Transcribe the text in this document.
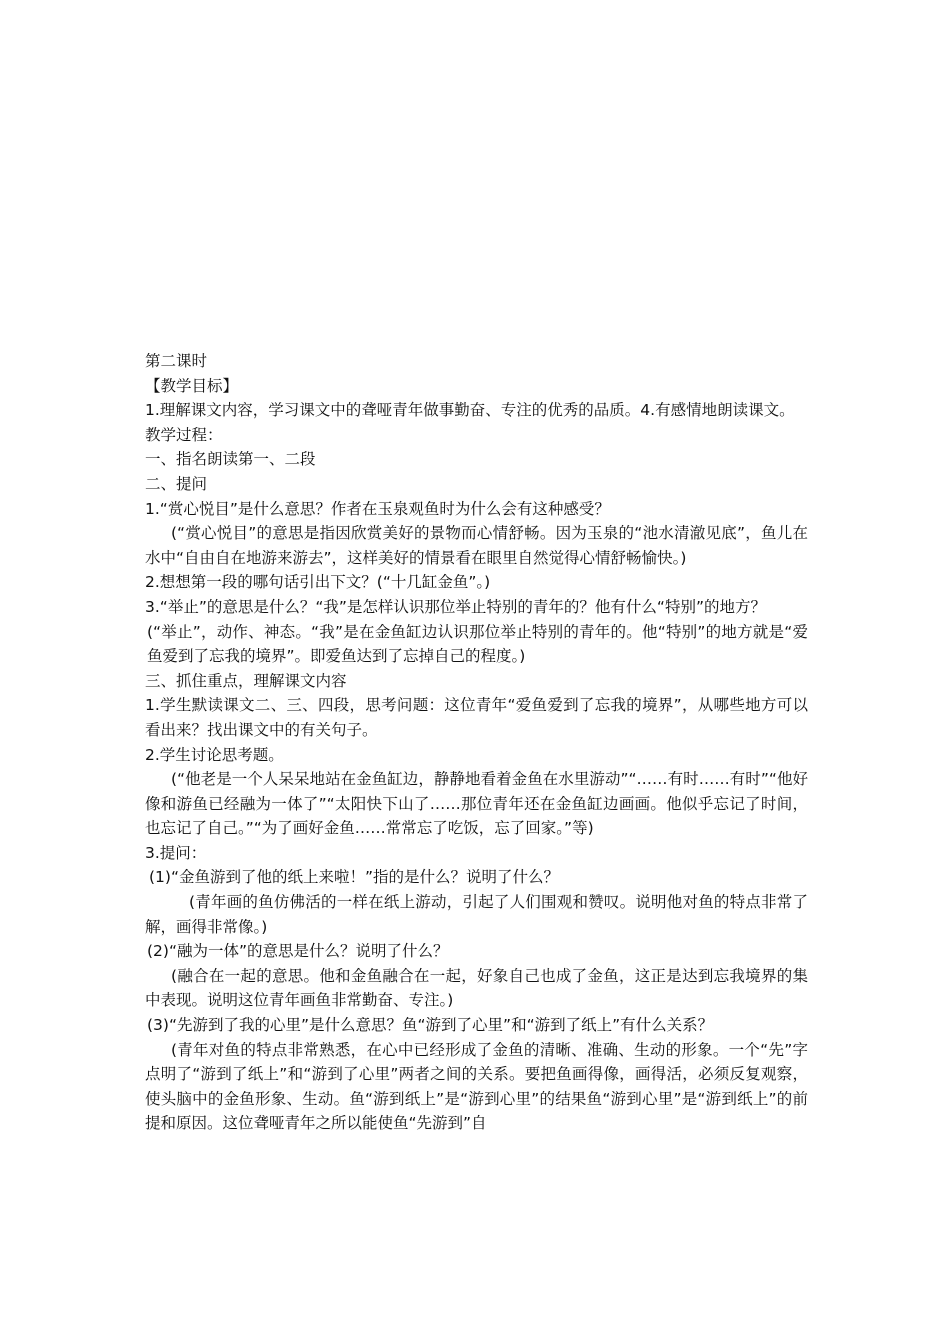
第二课时
【教学目标】
1.理解课文内容，学习课文中的聋哑青年做事勤奋、专注的优秀的品质。4.有感情地朗读课文。
教学过程：
一、指名朗读第一、二段
二、提问
1.“赏心悦目”是什么意思？作者在玉泉观鱼时为什么会有这种感受？
(“赏心悦目”的意思是指因欣赏美好的景物而心情舒畅。因为玉泉的“池水清澈见底”，鱼儿在水中“自由自在地游来游去”，这样美好的情景看在眼里自然觉得心情舒畅愉快。)
2.想想第一段的哪句话引出下文？(“十几缸金鱼”。)
3.“举止”的意思是什么？“我”是怎样认识那位举止特别的青年的？他有什么“特别”的地方？
(“举止”，动作、神态。“我”是在金鱼缸边认识那位举止特别的青年的。他“特别”的地方就是“爱鱼爱到了忘我的境界”。即爱鱼达到了忘掉自己的程度。)
三、抓住重点，理解课文内容
1.学生默读课文二、三、四段，思考问题：这位青年“爱鱼爱到了忘我的境界”，从哪些地方可以看出来？找出课文中的有关句子。
2.学生讨论思考题。
(“他老是一个人呆呆地站在金鱼缸边，静静地看着金鱼在水里游动”“……有时……有时”“他好像和游鱼已经融为一体了”“太阳快下山了……那位青年还在金鱼缸边画画。他似乎忘记了时间，也忘记了自己。”“为了画好金鱼……常常忘了吃饭，忘了回家。”等)
3.提问：
(1)“金鱼游到了他的纸上来啦！”指的是什么？说明了什么？
(青年画的鱼仿佛活的一样在纸上游动，引起了人们围观和赞叹。说明他对鱼的特点非常了解，画得非常像。)
(2)“融为一体”的意思是什么？说明了什么？
(融合在一起的意思。他和金鱼融合在一起，好象自己也成了金鱼，这正是达到忘我境界的集中表现。说明这位青年画鱼非常勤奋、专注。)
(3)“先游到了我的心里”是什么意思？鱼“游到了心里”和“游到了纸上”有什么关系？
(青年对鱼的特点非常熟悉，在心中已经形成了金鱼的清晰、准确、生动的形象。一个“先”字点明了“游到了纸上”和“游到了心里”两者之间的关系。要把鱼画得像，画得活，必须反复观察，使头脑中的金鱼形象、生动。鱼“游到纸上”是“游到心里”的结果鱼“游到心里”是“游到纸上”的前提和原因。这位聋哑青年之所以能使鱼“先游到”自
